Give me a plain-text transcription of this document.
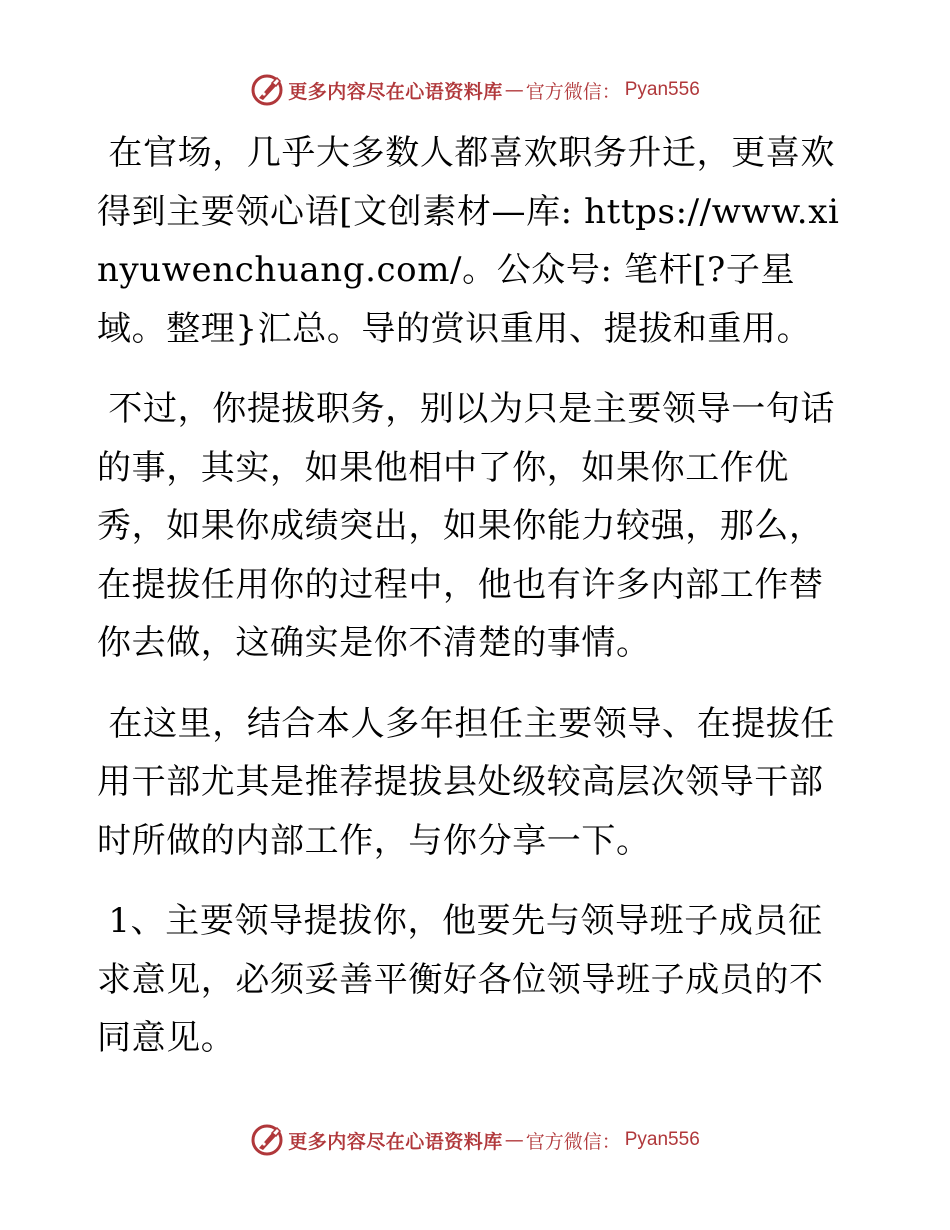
更多内容尽在心语资料库 — 官方微信： Pyan556

在官场，几乎大多数人都喜欢职务升迁，更喜欢得到主要领心语[文创素材—库: https://www.xinyuwenchuang.com/。公众号: 笔杆[?子星域。整理}汇总。导的赏识重用、提拔和重用。

不过，你提拔职务，别以为只是主要领导一句话的事，其实，如果他相中了你，如果你工作优秀，如果你成绩突出，如果你能力较强，那么，在提拔任用你的过程中，他也有许多内部工作替你去做，这确实是你不清楚的事情。

在这里，结合本人多年担任主要领导、在提拔任用干部尤其是推荐提拔县处级较高层次领导干部时所做的内部工作，与你分享一下。

1、主要领导提拔你，他要先与领导班子成员征求意见，必须妥善平衡好各位领导班子成员的不同意见。

更多内容尽在心语资料库 — 官方微信： Pyan556
